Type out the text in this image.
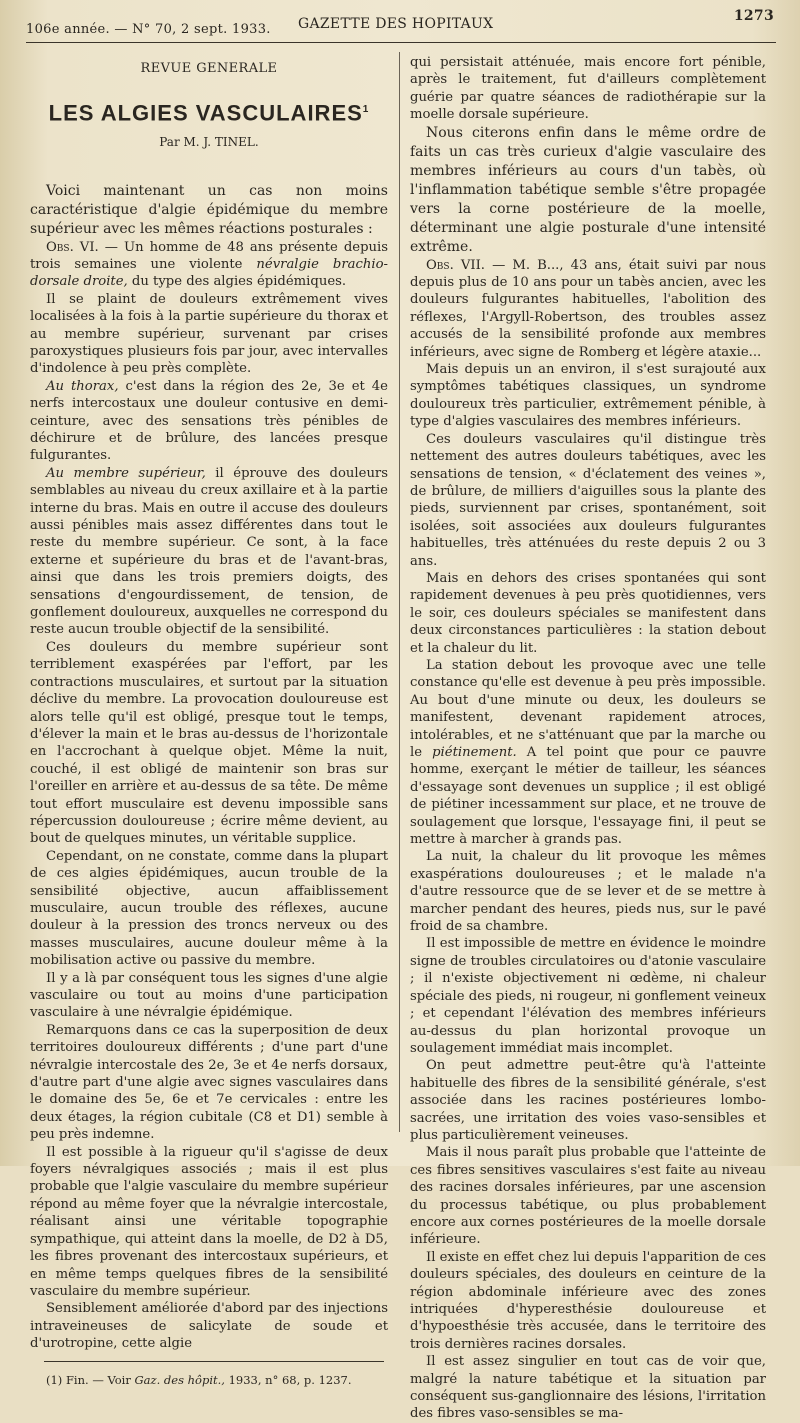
106e année. — N° 70, 2 sept. 1933. GAZETTE DES HOPITAUX	1273
REVUE GENERALE
LES ALGIES VASCULAIRES$^1$
Par M. J. TINEL.

Voici maintenant un cas non moins caractéristique d'algie épidémique du membre supérieur avec les mêmes réactions posturales :

Obs. VI. — Un homme de 48 ans présente depuis trois semaines une violente névralgie brachio-dorsale droite, du type des algies épidémiques.

Il se plaint de douleurs extrêmement vives localisées à la fois à la partie supérieure du thorax et au membre supérieur, survenant par crises paroxystiques plusieurs fois par jour, avec intervalles d'indolence à peu près complète.

Au thorax, c'est dans la région des 2e, 3e et 4e nerfs intercostaux une douleur contusive en demi-ceinture, avec des sensations très pénibles de déchirure et de brûlure, des lancées presque fulgurantes.

Au membre supérieur, il éprouve des douleurs semblables au niveau du creux axillaire et à la partie interne du bras. Mais en outre il accuse des douleurs aussi pénibles mais assez différentes dans tout le reste du membre supérieur. Ce sont, à la face externe et supérieure du bras et de l'avant-bras, ainsi que dans les trois premiers doigts, des sensations d'engourdissement, de tension, de gonflement douloureux, auxquelles ne correspond du reste aucun trouble objectif de la sensibilité.

Ces douleurs du membre supérieur sont terriblement exaspérées par l'effort, par les contractions musculaires, et surtout par la situation déclive du membre. La provocation douloureuse est alors telle qu'il est obligé, presque tout le temps, d'élever la main et le bras au-dessus de l'horizontale en l'accrochant à quelque objet. Même la nuit, couché, il est obligé de maintenir son bras sur l'oreiller en arrière et au-dessus de sa tête. De même tout effort musculaire est devenu impossible sans répercussion douloureuse ; écrire même devient, au bout de quelques minutes, un véritable supplice.

Cependant, on ne constate, comme dans la plupart de ces algies épidémiques, aucun trouble de la sensibilité objective, aucun affaiblissement musculaire, aucun trouble des réflexes, aucune douleur à la pression des troncs nerveux ou des masses musculaires, aucune douleur même à la mobilisation active ou passive du membre.

Il y a là par conséquent tous les signes d'une algie vasculaire ou tout au moins d'une participation vasculaire à une névralgie épidémique.

Remarquons dans ce cas la superposition de deux territoires douloureux différents ; d'une part d'une névralgie intercostale des 2e, 3e et 4e nerfs dorsaux, d'autre part d'une algie avec signes vasculaires dans le domaine des 5e, 6e et 7e cervicales : entre les deux étages, la région cubitale (C8 et D1) semble à peu près indemne.

Il est possible à la rigueur qu'il s'agisse de deux foyers névralgiques associés ; mais il est plus probable que l'algie vasculaire du membre supérieur répond au même foyer que la névralgie intercostale, réalisant ainsi une véritable topographie sympathique, qui atteint dans la moelle, de D2 à D5, les fibres provenant des intercostaux supérieurs, et en même temps quelques fibres de la sensibilité vasculaire du membre supérieur.

Sensiblement améliorée d'abord par des injections intraveineuses de salicylate de soude et d'urotropine, cette algie

(1) Fin. — Voir Gaz. des hôpit., 1933, n° 68, p. 1237.

qui persistait atténuée, mais encore fort pénible, après le traitement, fut d'ailleurs complètement guérie par quatre séances de radiothérapie sur la moelle dorsale supérieure.

Nous citerons enfin dans le même ordre de faits un cas très curieux d'algie vasculaire des membres inférieurs au cours d'un tabès, où l'inflammation tabétique semble s'être propagée vers la corne postérieure de la moelle, déterminant une algie posturale d'une intensité extrême.

Obs. VII. — M. B..., 43 ans, était suivi par nous depuis plus de 10 ans pour un tabès ancien, avec les douleurs fulgurantes habituelles, l'abolition des réflexes, l'Argyll-Robertson, des troubles assez accusés de la sensibilité profonde aux membres inférieurs, avec signe de Romberg et légère ataxie...

Mais depuis un an environ, il s'est surajouté aux symptômes tabétiques classiques, un syndrome douloureux très particulier, extrêmement pénible, à type d'algies vasculaires des membres inférieurs.

Ces douleurs vasculaires qu'il distingue très nettement des autres douleurs tabétiques, avec les sensations de tension, « d'éclatement des veines », de brûlure, de milliers d'aiguilles sous la plante des pieds, surviennent par crises, spontanément, soit isolées, soit associées aux douleurs fulgurantes habituelles, très atténuées du reste depuis 2 ou 3 ans.

Mais en dehors des crises spontanées qui sont rapidement devenues à peu près quotidiennes, vers le soir, ces douleurs spéciales se manifestent dans deux circonstances particulières : la station debout et la chaleur du lit.

La station debout les provoque avec une telle constance qu'elle est devenue à peu près impossible. Au bout d'une minute ou deux, les douleurs se manifestent, devenant rapidement atroces, intolérables, et ne s'atténuant que par la marche ou le piétinement. A tel point que pour ce pauvre homme, exerçant le métier de tailleur, les séances d'essayage sont devenues un supplice ; il est obligé de piétiner incessamment sur place, et ne trouve de soulagement que lorsque, l'essayage fini, il peut se mettre à marcher à grands pas.

La nuit, la chaleur du lit provoque les mêmes exaspérations douloureuses ; et le malade n'a d'autre ressource que de se lever et de se mettre à marcher pendant des heures, pieds nus, sur le pavé froid de sa chambre.

Il est impossible de mettre en évidence le moindre signe de troubles circulatoires ou d'atonie vasculaire ; il n'existe objectivement ni œdème, ni chaleur spéciale des pieds, ni rougeur, ni gonflement veineux ; et cependant l'élévation des membres inférieurs au-dessus du plan horizontal provoque un soulagement immédiat mais incomplet.

On peut admettre peut-être qu'à l'atteinte habituelle des fibres de la sensibilité générale, s'est associée dans les racines postérieures lombo-sacrées, une irritation des voies vaso-sensibles et plus particulièrement veineuses.

Mais il nous paraît plus probable que l'atteinte de ces fibres sensitives vasculaires s'est faite au niveau des racines dorsales inférieures, par une ascension du processus tabétique, ou plus probablement encore aux cornes postérieures de la moelle dorsale inférieure.

Il existe en effet chez lui depuis l'apparition de ces douleurs spéciales, des douleurs en ceinture de la région abdominale inférieure avec des zones intriquées d'hyperesthésie douloureuse et d'hypoesthésie très accusée, dans le territoire des trois dernières racines dorsales.

Il est assez singulier en tout cas de voir que, malgré la nature tabétique et la situation par conséquent sus-ganglionnaire des lésions, l'irritation des fibres vaso-sensibles se ma-
